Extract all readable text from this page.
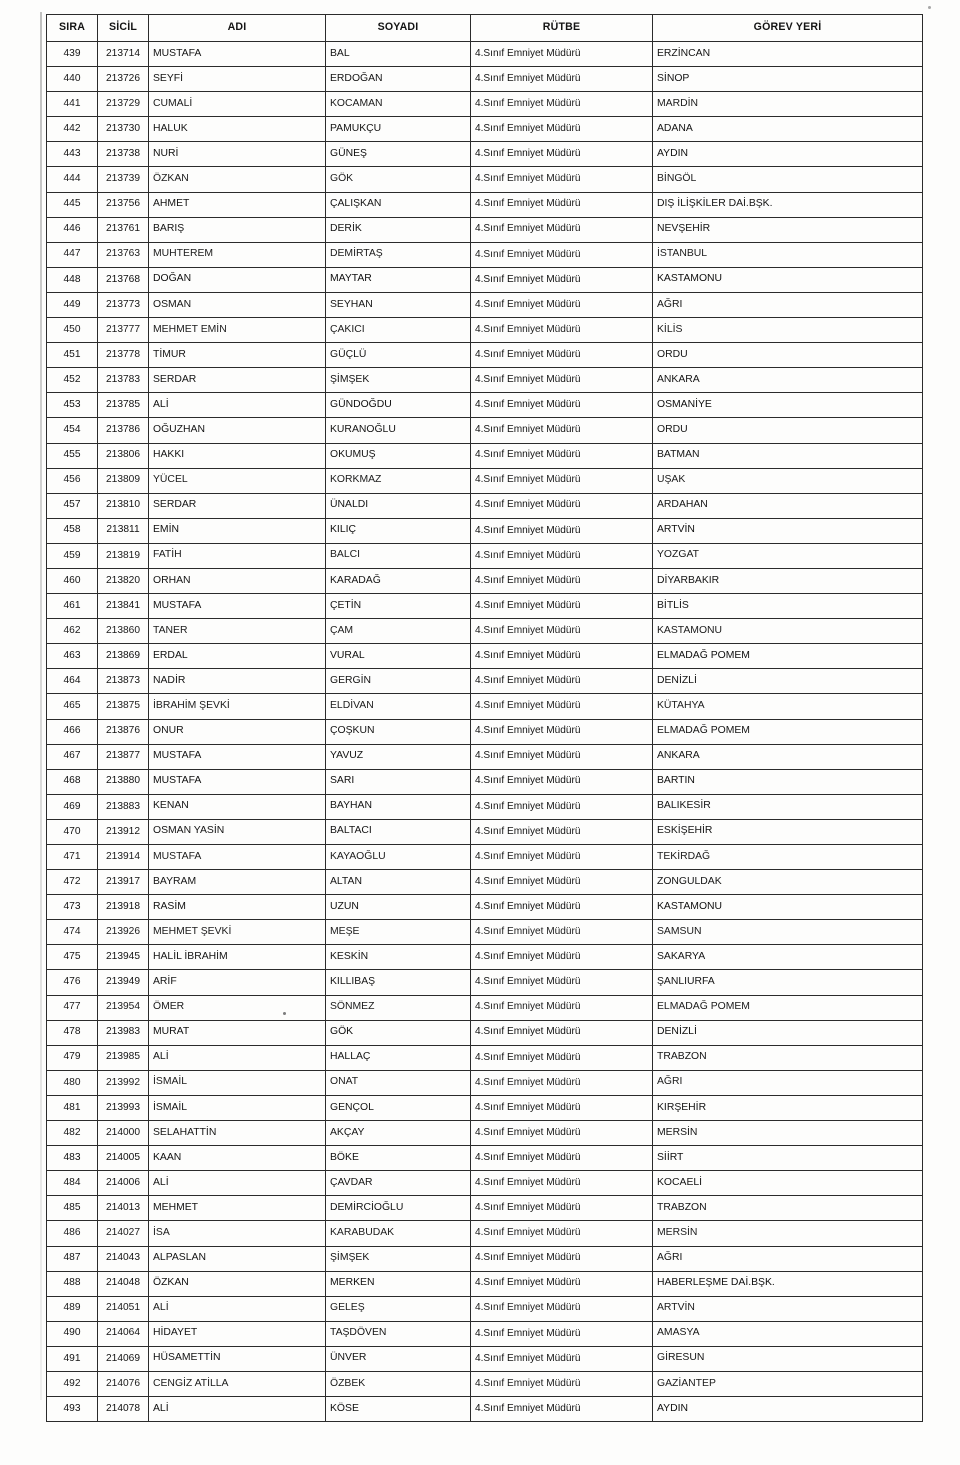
SIRA	SİCİL	ADI	SOYADI	RÜTBE	GÖREV YERİ
439	213714	MUSTAFA	BAL	4.Sınıf Emniyet Müdürü	ERZİNCAN
440	213726	SEYFİ	ERDOĞAN	4.Sınıf Emniyet Müdürü	SİNOP
441	213729	CUMALİ	KOCAMAN	4.Sınıf Emniyet Müdürü	MARDİN
442	213730	HALUK	PAMUKÇU	4.Sınıf Emniyet Müdürü	ADANA
443	213738	NURİ	GÜNEŞ	4.Sınıf Emniyet Müdürü	AYDIN
444	213739	ÖZKAN	GÖK	4.Sınıf Emniyet Müdürü	BİNGÖL
445	213756	AHMET	ÇALIŞKAN	4.Sınıf Emniyet Müdürü	DIŞ İLİŞKİLER DAİ.BŞK.
446	213761	BARIŞ	DERİK	4.Sınıf Emniyet Müdürü	NEVŞEHİR
447	213763	MUHTEREM	DEMİRTAŞ	4.Sınıf Emniyet Müdürü	İSTANBUL
448	213768	DOĞAN	MAYTAR	4.Sınıf Emniyet Müdürü	KASTAMONU
449	213773	OSMAN	SEYHAN	4.Sınıf Emniyet Müdürü	AĞRI
450	213777	MEHMET EMİN	ÇAKICI	4.Sınıf Emniyet Müdürü	KİLİS
451	213778	TİMUR	GÜÇLÜ	4.Sınıf Emniyet Müdürü	ORDU
452	213783	SERDAR	ŞİMŞEK	4.Sınıf Emniyet Müdürü	ANKARA
453	213785	ALİ	GÜNDOĞDU	4.Sınıf Emniyet Müdürü	OSMANİYE
454	213786	OĞUZHAN	KURANOĞLU	4.Sınıf Emniyet Müdürü	ORDU
455	213806	HAKKI	OKUMUŞ	4.Sınıf Emniyet Müdürü	BATMAN
456	213809	YÜCEL	KORKMAZ	4.Sınıf Emniyet Müdürü	UŞAK
457	213810	SERDAR	ÜNALDI	4.Sınıf Emniyet Müdürü	ARDAHAN
458	213811	EMİN	KILIÇ	4.Sınıf Emniyet Müdürü	ARTVİN
459	213819	FATİH	BALCI	4.Sınıf Emniyet Müdürü	YOZGAT
460	213820	ORHAN	KARADAĞ	4.Sınıf Emniyet Müdürü	DİYARBAKIR
461	213841	MUSTAFA	ÇETİN	4.Sınıf Emniyet Müdürü	BİTLİS
462	213860	TANER	ÇAM	4.Sınıf Emniyet Müdürü	KASTAMONU
463	213869	ERDAL	VURAL	4.Sınıf Emniyet Müdürü	ELMADAĞ POMEM
464	213873	NADİR	GERGİN	4.Sınıf Emniyet Müdürü	DENİZLİ
465	213875	İBRAHİM ŞEVKİ	ELDİVAN	4.Sınıf Emniyet Müdürü	KÜTAHYA
466	213876	ONUR	ÇOŞKUN	4.Sınıf Emniyet Müdürü	ELMADAĞ POMEM
467	213877	MUSTAFA	YAVUZ	4.Sınıf Emniyet Müdürü	ANKARA
468	213880	MUSTAFA	SARI	4.Sınıf Emniyet Müdürü	BARTIN
469	213883	KENAN	BAYHAN	4.Sınıf Emniyet Müdürü	BALIKESİR
470	213912	OSMAN YASİN	BALTACI	4.Sınıf Emniyet Müdürü	ESKİŞEHİR
471	213914	MUSTAFA	KAYAOĞLU	4.Sınıf Emniyet Müdürü	TEKİRDAĞ
472	213917	BAYRAM	ALTAN	4.Sınıf Emniyet Müdürü	ZONGULDAK
473	213918	RASİM	UZUN	4.Sınıf Emniyet Müdürü	KASTAMONU
474	213926	MEHMET ŞEVKİ	MEŞE	4.Sınıf Emniyet Müdürü	SAMSUN
475	213945	HALİL İBRAHİM	KESKİN	4.Sınıf Emniyet Müdürü	SAKARYA
476	213949	ARİF	KILLIBAŞ	4.Sınıf Emniyet Müdürü	ŞANLIURFA
477	213954	ÖMER	SÖNMEZ	4.Sınıf Emniyet Müdürü	ELMADAĞ POMEM
478	213983	MURAT	GÖK	4.Sınıf Emniyet Müdürü	DENİZLİ
479	213985	ALİ	HALLAÇ	4.Sınıf Emniyet Müdürü	TRABZON
480	213992	İSMAİL	ONAT	4.Sınıf Emniyet Müdürü	AĞRI
481	213993	İSMAİL	GENÇOL	4.Sınıf Emniyet Müdürü	KIRŞEHİR
482	214000	SELAHATTİN	AKÇAY	4.Sınıf Emniyet Müdürü	MERSİN
483	214005	KAAN	BÖKE	4.Sınıf Emniyet Müdürü	SİİRT
484	214006	ALİ	ÇAVDAR	4.Sınıf Emniyet Müdürü	KOCAELİ
485	214013	MEHMET	DEMİRCİOĞLU	4.Sınıf Emniyet Müdürü	TRABZON
486	214027	İSA	KARABUDAK	4.Sınıf Emniyet Müdürü	MERSİN
487	214043	ALPASLAN	ŞİMŞEK	4.Sınıf Emniyet Müdürü	AĞRI
488	214048	ÖZKAN	MERKEN	4.Sınıf Emniyet Müdürü	HABERLEŞME DAİ.BŞK.
489	214051	ALİ	GELEŞ	4.Sınıf Emniyet Müdürü	ARTVİN
490	214064	HİDAYET	TAŞDÖVEN	4.Sınıf Emniyet Müdürü	AMASYA
491	214069	HÜSAMETTİN	ÜNVER	4.Sınıf Emniyet Müdürü	GİRESUN
492	214076	CENGİZ ATİLLA	ÖZBEK	4.Sınıf Emniyet Müdürü	GAZİANTEP
493	214078	ALİ	KÖSE	4.Sınıf Emniyet Müdürü	AYDIN
